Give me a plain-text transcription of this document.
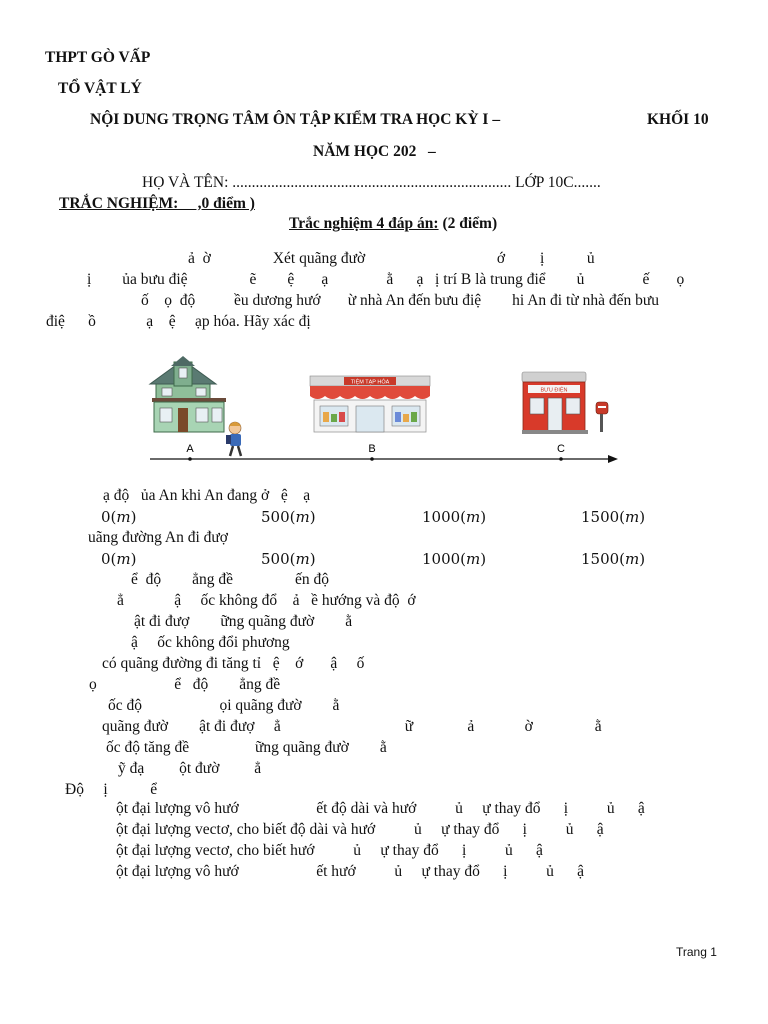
THPT GÒ VẤP
TỔ VẬT LÝ
NỘI DUNG TRỌNG TÂM ÔN TẬP KIỂM TRA HỌC KỲ I –	KHỐI 10
NĂM HỌC 202   –
HỌ VÀ TÊN: ........................................................................ LỚP 10C.......
TRẮC NGHIỆM:     ,0 điểm )
Trắc nghiệm 4 đáp án: (2 điểm)
ả  ờ                Xét quãng đườ                                  ớ         ị           ủ
ị        ủa bưu điệ                ẽ        ệ       ạ               ằ      ạ   ị trí B là trung điể        ủ               ế       ọ
ố    ọ  độ          ều dương hướ       ừ nhà An đến bưu điệ        hi An đi từ nhà đến bưu
điệ      ồ             ạ    ệ     ạp hóa. Hãy xác đị
TIỆM TẠP HÓA
BƯU ĐIỆN
A	B	C
ạ độ   ủa An khi An đang ở   ệ    ạ
0(𝑚)	500(𝑚)	1000(𝑚)	1500(𝑚)
uãng đường An đi đượ
0(𝑚)	500(𝑚)	1000(𝑚)	1500(𝑚)
ể  độ        ẳng đề                ến độ
ẳ             ậ     ốc không đổ    ả   ề hướng và độ  ớ
ật đi đượ        ững quãng đườ        ằ
ậ     ốc không đổi phương
có quãng đường đi tăng tỉ   ệ    ớ       ậ     ố
ọ                    ể   độ        ẳng đề
ốc độ                    ọi quãng đườ        ằ
quãng đườ        ật đi đượ     ẳ                                ữ              ả             ờ                ằ
ốc độ tăng đề                 ững quãng đườ        ằ
ỹ đạ         ột đườ         ẳ
Độ     ị           ể
ột đại lượng vô hướ                    ết độ dài và hướ          ủ     ự thay đổ      ị          ủ      ậ
ột đại lượng vectơ, cho biết độ dài và hướ          ủ     ự thay đổ      ị          ủ      ậ
ột đại lượng vectơ, cho biết hướ          ủ     ự thay đổ      ị          ủ      ậ
ột đại lượng vô hướ                    ết hướ          ủ     ự thay đổ      ị          ủ      ậ
Trang 1
